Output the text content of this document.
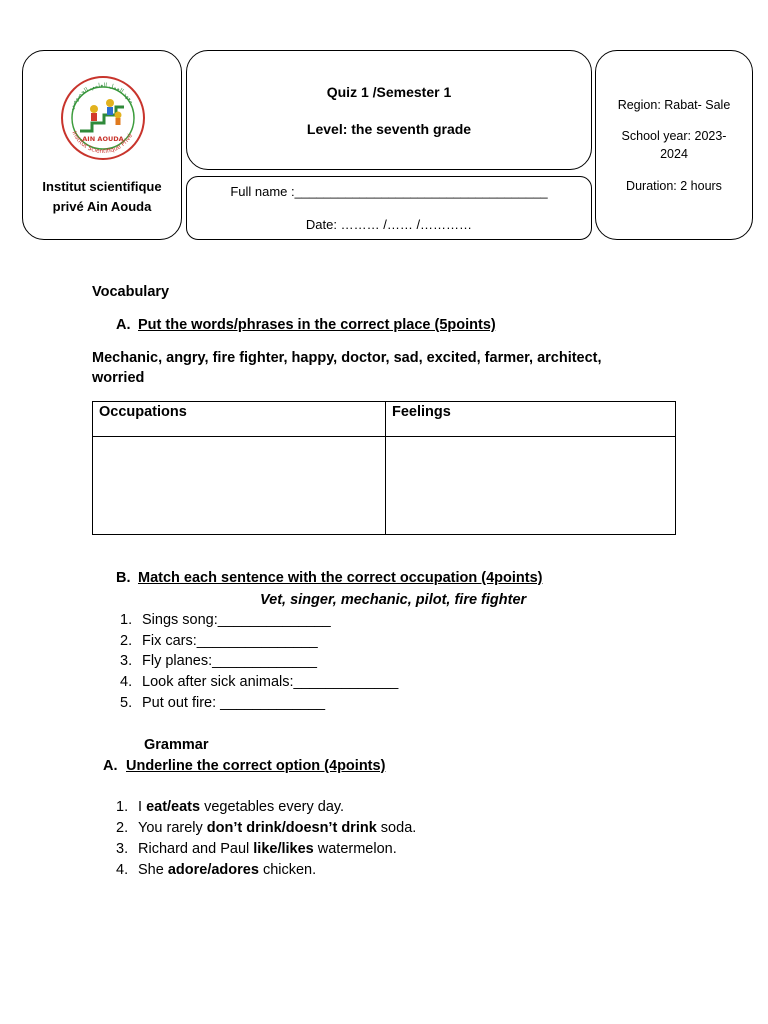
معهد العمل العلمي الخصوصي
AIN AOUDA
Institut Scientifique Privé
Institut scientifique
privé Ain Aouda
Quiz 1 /Semester 1
Level: the seventh grade
Full name :___________________________________
Date: ……… /…… /…………
Region: Rabat- Sale
School year: 2023-
2024
Duration: 2 hours
Vocabulary
A. Put the words/phrases in the correct place (5points)
Mechanic, angry, fire fighter, happy, doctor, sad, excited, farmer, architect,
worried
Occupations	Feelings

B. Match each sentence with the correct occupation (4points)
Vet, singer, mechanic, pilot, fire fighter
1. Sings song:______________
2. Fix cars:_______________
3. Fly planes:_____________
4. Look after sick animals:_____________
5. Put out fire: _____________
Grammar
A. Underline the correct option (4points)
1. I eat/eats vegetables every day.
2. You rarely don’t drink/doesn’t drink soda.
3. Richard and Paul like/likes watermelon.
4. She adore/adores chicken.
